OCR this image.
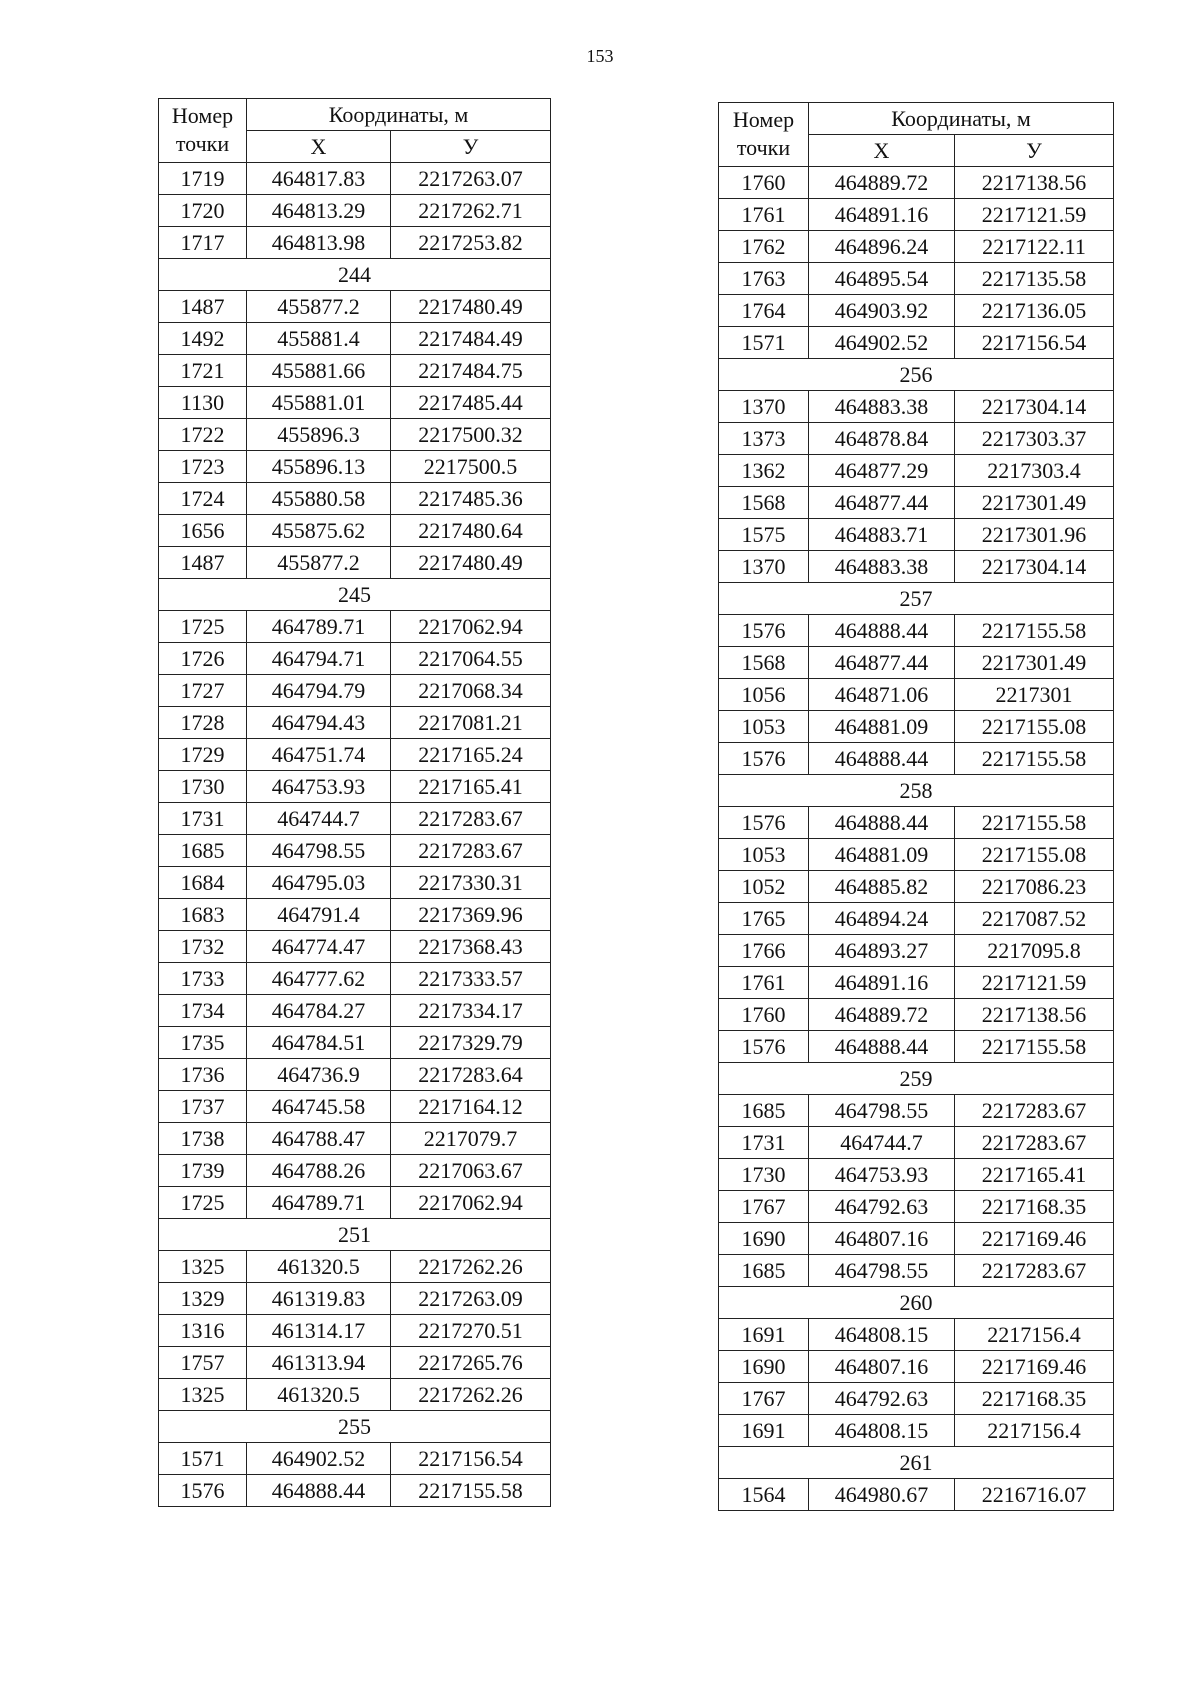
153
Номер
точки	Координаты, м	
	Х	У
1719	464817.83	2217263.07
1720	464813.29	2217262.71
1717	464813.98	2217253.82
244		
1487	455877.2	2217480.49
1492	455881.4	2217484.49
1721	455881.66	2217484.75
1130	455881.01	2217485.44
1722	455896.3	2217500.32
1723	455896.13	2217500.5
1724	455880.58	2217485.36
1656	455875.62	2217480.64
1487	455877.2	2217480.49
245		
1725	464789.71	2217062.94
1726	464794.71	2217064.55
1727	464794.79	2217068.34
1728	464794.43	2217081.21
1729	464751.74	2217165.24
1730	464753.93	2217165.41
1731	464744.7	2217283.67
1685	464798.55	2217283.67
1684	464795.03	2217330.31
1683	464791.4	2217369.96
1732	464774.47	2217368.43
1733	464777.62	2217333.57
1734	464784.27	2217334.17
1735	464784.51	2217329.79
1736	464736.9	2217283.64
1737	464745.58	2217164.12
1738	464788.47	2217079.7
1739	464788.26	2217063.67
1725	464789.71	2217062.94
251		
1325	461320.5	2217262.26
1329	461319.83	2217263.09
1316	461314.17	2217270.51
1757	461313.94	2217265.76
1325	461320.5	2217262.26
255		
1571	464902.52	2217156.54
1576	464888.44	2217155.58
Номер
точки	Координаты, м	
	Х	У
1760	464889.72	2217138.56
1761	464891.16	2217121.59
1762	464896.24	2217122.11
1763	464895.54	2217135.58
1764	464903.92	2217136.05
1571	464902.52	2217156.54
256		
1370	464883.38	2217304.14
1373	464878.84	2217303.37
1362	464877.29	2217303.4
1568	464877.44	2217301.49
1575	464883.71	2217301.96
1370	464883.38	2217304.14
257		
1576	464888.44	2217155.58
1568	464877.44	2217301.49
1056	464871.06	2217301
1053	464881.09	2217155.08
1576	464888.44	2217155.58
258		
1576	464888.44	2217155.58
1053	464881.09	2217155.08
1052	464885.82	2217086.23
1765	464894.24	2217087.52
1766	464893.27	2217095.8
1761	464891.16	2217121.59
1760	464889.72	2217138.56
1576	464888.44	2217155.58
259		
1685	464798.55	2217283.67
1731	464744.7	2217283.67
1730	464753.93	2217165.41
1767	464792.63	2217168.35
1690	464807.16	2217169.46
1685	464798.55	2217283.67
260		
1691	464808.15	2217156.4
1690	464807.16	2217169.46
1767	464792.63	2217168.35
1691	464808.15	2217156.4
261		
1564	464980.67	2216716.07
